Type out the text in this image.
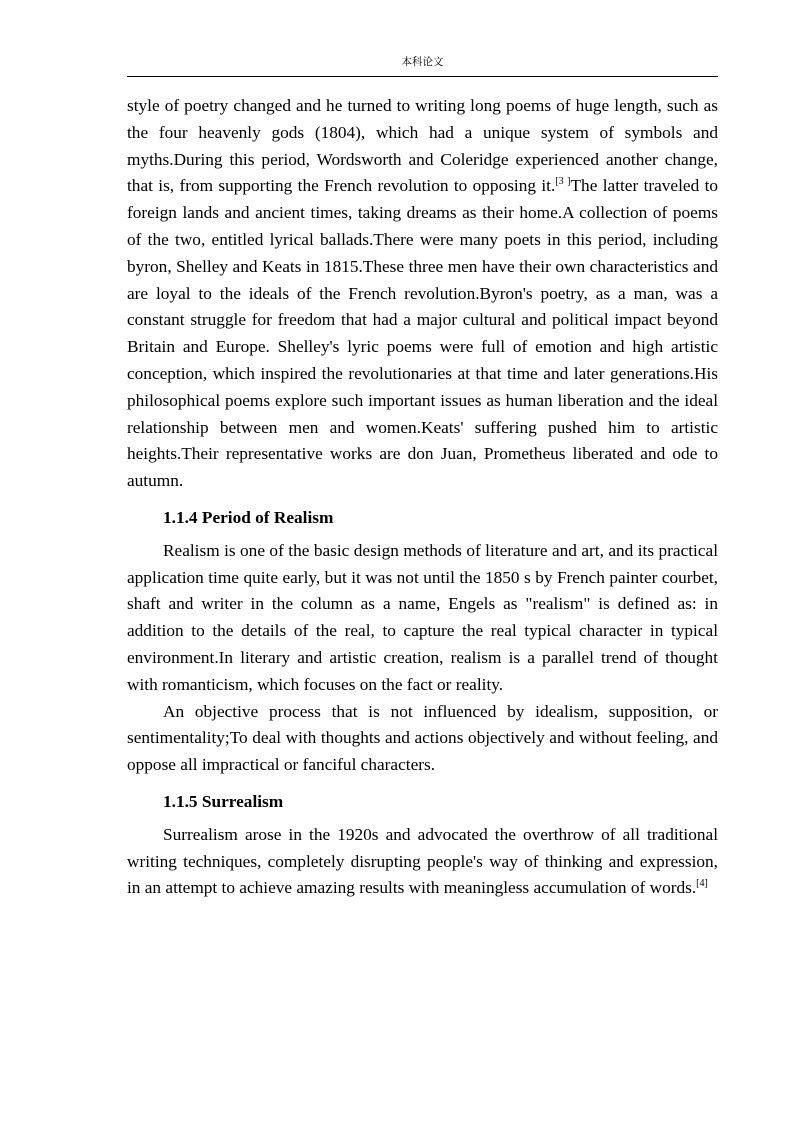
本科论文

style of poetry changed and he turned to writing long poems of huge length, such as the four heavenly gods (1804), which had a unique system of symbols and myths.During this period, Wordsworth and Coleridge experienced another change, that is, from supporting the French revolution to opposing it.[3 ]The latter traveled to foreign lands and ancient times, taking dreams as their home.A collection of poems of the two, entitled lyrical ballads.There were many poets in this period, including byron, Shelley and Keats in 1815.These three men have their own characteristics and are loyal to the ideals of the French revolution.Byron's poetry, as a man, was a constant struggle for freedom that had a major cultural and political impact beyond Britain and Europe. Shelley's lyric poems were full of emotion and high artistic conception, which inspired the revolutionaries at that time and later generations.His philosophical poems explore such important issues as human liberation and the ideal relationship between men and women.Keats' suffering pushed him to artistic heights.Their representative works are don Juan, Prometheus liberated and ode to autumn.

1.1.4 Period of Realism

Realism is one of the basic design methods of literature and art, and its practical application time quite early, but it was not until the 1850 s by French painter courbet, shaft and writer in the column as a name, Engels as "realism" is defined as: in addition to the details of the real, to capture the real typical character in typical environment.In literary and artistic creation, realism is a parallel trend of thought with romanticism, which focuses on the fact or reality.

An objective process that is not influenced by idealism, supposition, or sentimentality;To deal with thoughts and actions objectively and without feeling, and oppose all impractical or fanciful characters.

1.1.5 Surrealism

Surrealism arose in the 1920s and advocated the overthrow of all traditional writing techniques, completely disrupting people's way of thinking and expression, in an attempt to achieve amazing results with meaningless accumulation of words.[4]
